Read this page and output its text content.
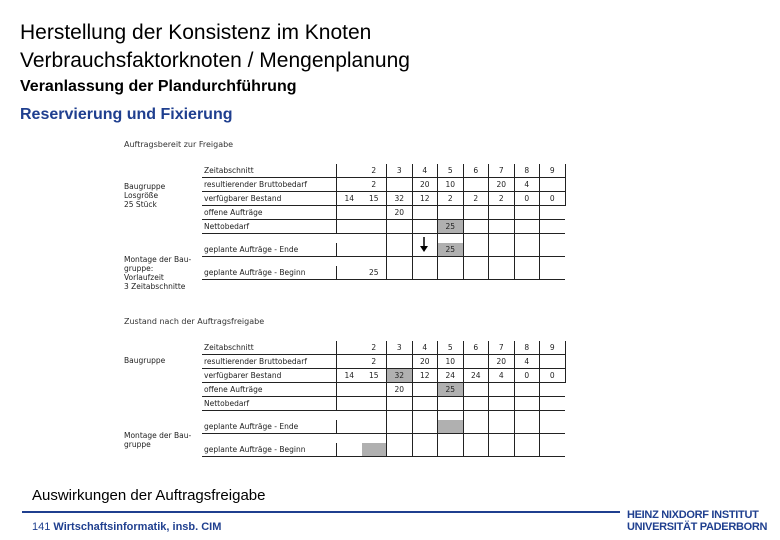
Herstellung der Konsistenz im Knoten
Verbrauchsfaktorknoten / Mengenplanung
Veranlassung der Plandurchführung
Reservierung und Fixierung
Auftragsbereit zur Freigabe
Zustand nach der Auftragsfreigabe
Baugruppe
Losgröße
25 Stück
Montage der Bau-
gruppe:
Vorlaufzeit
3 Zeitabschnitte
Baugruppe
Montage der Bau-
gruppe
Zeitabschnitt		2	3	4	5	6	7	8	9
resultierender Bruttobedarf		2		20	10		20	4	
verfügbarer Bestand	14	15	32	12	2	2	2	0	0
offene Aufträge			20						
Nettobedarf					25				

geplante Aufträge - Ende					25				

geplante Aufträge - Beginn		25							
Zeitabschnitt		2	3	4	5	6	7	8	9
resultierender Bruttobedarf		2		20	10		20	4	
verfügbarer Bestand	14	15	32	12	24	24	4	0	0
offene Aufträge			20		25				
Nettobedarf									

geplante Aufträge - Ende									

geplante Aufträge - Beginn									
Auswirkungen der Auftragsfreigabe
141 Wirtschaftsinformatik, insb. CIM
HEINZ NIXDORF INSTITUT
UNIVERSITÄT PADERBORN
